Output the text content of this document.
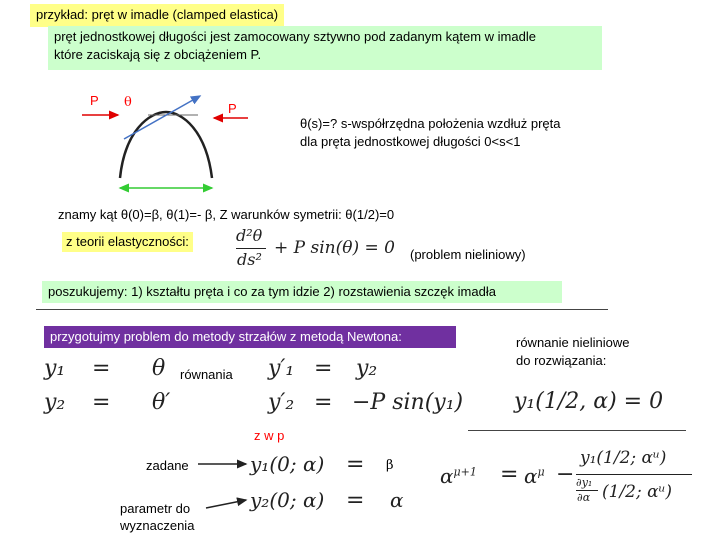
przykład: pręt w imadle (clamped elastica)
pręt jednostkowej długości jest zamocowany sztywno pod zadanym kątem w imadle
które zaciskają się z obciążeniem P.
P θ	P
θ(s)=? s-współrzędna położenia wzdłuż pręta
dla pręta jednostkowej długości 0<s<1
znamy kąt θ(0)=β, θ(1)=- β, Z warunków symetrii: θ(1/2)=0
z teorii elastyczności:	d²θ
ds²
+ P sin(θ) = 0 (problem nieliniowy)
poszukujemy: 1) kształtu pręta i co za tym idzie 2) rozstawienia szczęk imadła
przygotujmy problem do metody strzałów z metodą Newtona:	równanie nieliniowe
do rozwiązania:
y₁(1/2, α) = 0
y₁ = θ
y₂ = θ′
równania y′₁ = y₂
y′₂ = −P sin(y₁)
z w p
zadane
parametr do
wyznaczenia
y₁(0; α) = β
y₂(0; α) = α
$\alpha^{\mu+1} = \alpha^\mu$ −
y₁(1/2; αᵘ)
∂y₁
∂α (1/2; αᵘ)
